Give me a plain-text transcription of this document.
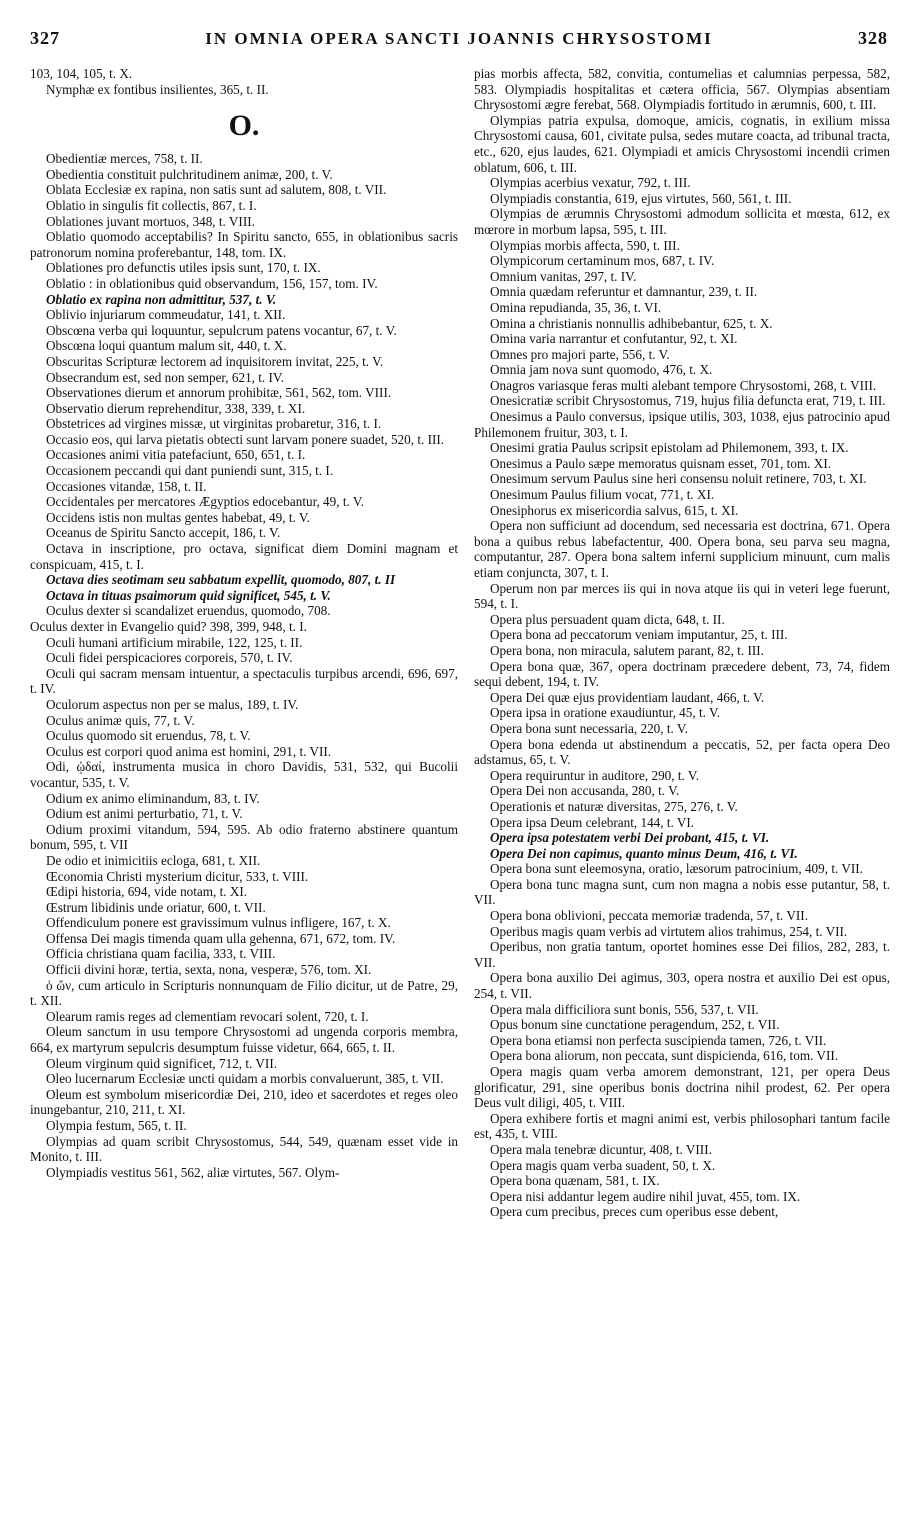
327	IN OMNIA OPERA SANCTI JOANNIS CHRYSOSTOMI	328

103, 104, 105, t. X.

Nymphæ ex fontibus insilientes, 365, t. II.

O.

Obedientiæ merces, 758, t. II.

Obedientia constituit pulchritudinem animæ, 200, t. V.

Oblata Ecclesiæ ex rapina, non satis sunt ad salutem, 808, t. VII.

Oblatio in singulis fit collectis, 867, t. I.

Oblationes juvant mortuos, 348, t. VIII.

Oblatio quomodo acceptabilis? In Spiritu sancto, 655, in oblationibus sacris patronorum nomina proferebantur, 148, tom. IX.

Oblationes pro defunctis utiles ipsis sunt, 170, t. IX.

Oblatio : in oblationibus quid observandum, 156, 157, tom. IV.

Oblatio ex rapina non admittitur, 537, t. V.

Oblivio injuriarum commeudatur, 141, t. XII.

Obscœna verba qui loquuntur, sepulcrum patens vocantur, 67, t. V.

Obscœna loqui quantum malum sit, 440, t. X.

Obscuritas Scripturæ lectorem ad inquisitorem invitat, 225, t. V.

Obsecrandum est, sed non semper, 621, t. IV.

Observationes dierum et annorum prohibitæ, 561, 562, tom. VIII.

Observatio dierum reprehenditur, 338, 339, t. XI.

Obstetrices ad virgines missæ, ut virginitas probaretur, 316, t. I.

Occasio eos, qui larva pietatis obtecti sunt larvam ponere suadet, 520, t. III.

Occasiones animi vitia patefaciunt, 650, 651, t. I.

Occasionem peccandi qui dant puniendi sunt, 315, t. I.

Occasiones vitandæ, 158, t. II.

Occidentales per mercatores Ægyptios edocebantur, 49, t. V.

Occidens istis non multas gentes habebat, 49, t. V.

Oceanus de Spiritu Sancto accepit, 186, t. V.

Octava in inscriptione, pro octava, significat diem Domini magnam et conspicuam, 415, t. I.

Octava dies seotimam seu sabbatum expellit, quomodo, 807, t. II

Octava in tituas psaimorum quid significet, 545, t. V.

Oculus dexter si scandalizet eruendus, quomodo, 708.

Oculus dexter in Evangelio quid? 398, 399, 948, t. I.

Oculi humani artificium mirabile, 122, 125, t. II.

Oculi fidei perspicaciores corporeis, 570, t. IV.

Oculi qui sacram mensam intuentur, a spectaculis turpibus arcendi, 696, 697, t. IV.

Oculorum aspectus non per se malus, 189, t. IV.

Oculus animæ quis, 77, t. V.

Oculus quomodo sit eruendus, 78, t. V.

Oculus est corpori quod anima est homini, 291, t. VII.

Odi, ᾠδαί, instrumenta musica in choro Davidis, 531, 532, qui Bucolii vocantur, 535, t. V.

Odium ex animo eliminandum, 83, t. IV.

Odium est animi perturbatio, 71, t. V.

Odium proximi vitandum, 594, 595. Ab odio fraterno abstinere quantum bonum, 595, t. VII

De odio et inimicitiis ecloga, 681, t. XII.

Œconomia Christi mysterium dicitur, 533, t. VIII.

Œdipi historia, 694, vide notam, t. XI.

Œstrum libidinis unde oriatur, 600, t. VII.

Offendiculum ponere est gravissimum vulnus infligere, 167, t. X.

Offensa Dei magis timenda quam ulla gehenna, 671, 672, tom. IV.

Officia christiana quam facilia, 333, t. VIII.

Officii divini horæ, tertia, sexta, nona, vesperæ, 576, tom. XI.

ὁ ὤν, cum articulo in Scripturis nonnunquam de Filio dicitur, ut de Patre, 29, t. XII.

Olearum ramis reges ad clementiam revocari solent, 720, t. I.

Oleum sanctum in usu tempore Chrysostomi ad ungenda corporis membra, 664, ex martyrum sepulcris desumptum fuisse videtur, 664, 665, t. II.

Oleum virginum quid significet, 712, t. VII.

Oleo lucernarum Ecclesiæ uncti quidam a morbis convaluerunt, 385, t. VII.

Oleum est symbolum misericordiæ Dei, 210, ideo et sacerdotes et reges oleo inungebantur, 210, 211, t. XI.

Olympia festum, 565, t. II.

Olympias ad quam scribit Chrysostomus, 544, 549, quænam esset vide in Monito, t. III.

Olympiadis vestitus 561, 562, aliæ virtutes, 567. Olym-

pias morbis affecta, 582, convitia, contumelias et calumnias perpessa, 582, 583. Olympiadis hospitalitas et cætera officia, 567. Olympias absentiam Chrysostomi ægre ferebat, 568. Olympiadis fortitudo in ærumnis, 600, t. III.

Olympias patria expulsa, domoque, amicis, cognatis, in exilium missa Chrysostomi causa, 601, civitate pulsa, sedes mutare coacta, ad tribunal tracta, etc., 620, ejus laudes, 621. Olympiadi et amicis Chrysostomi incendii crimen oblatum, 606, t. III.

Olympias acerbius vexatur, 792, t. III.

Olympiadis constantia, 619, ejus virtutes, 560, 561, t. III.

Olympias de ærumnis Chrysostomi admodum sollicita et mœsta, 612, ex mœrore in morbum lapsa, 595, t. III.

Olympias morbis affecta, 590, t. III.

Olympicorum certaminum mos, 687, t. IV.

Omnium vanitas, 297, t. IV.

Omnia quædam referuntur et damnantur, 239, t. II.

Omina repudianda, 35, 36, t. VI.

Omina a christianis nonnullis adhibebantur, 625, t. X.

Omina varia narrantur et confutantur, 92, t. XI.

Omnes pro majori parte, 556, t. V.

Omnia jam nova sunt quomodo, 476, t. X.

Onagros variasque feras multi alebant tempore Chrysostomi, 268, t. VIII.

Onesicratiæ scribit Chrysostomus, 719, hujus filia defuncta erat, 719, t. III.

Onesimus a Paulo conversus, ipsique utilis, 303, 1038, ejus patrocinio apud Philemonem fruitur, 303, t. I.

Onesimi gratia Paulus scripsit epistolam ad Philemonem, 393, t. IX.

Onesimus a Paulo sæpe memoratus quisnam esset, 701, tom. XI.

Onesimum servum Paulus sine heri consensu noluit retinere, 703, t. XI.

Onesimum Paulus filium vocat, 771, t. XI.

Onesiphorus ex misericordia salvus, 615, t. XI.

Opera non sufficiunt ad docendum, sed necessaria est doctrina, 671. Opera bona a quibus rebus labefactentur, 400. Opera bona, seu parva seu magna, computantur, 287. Opera bona saltem inferni supplicium minuunt, cum malis etiam conjuncta, 307, t. I.

Operum non par merces iis qui in nova atque iis qui in veteri lege fuerunt, 594, t. I.

Opera plus persuadent quam dicta, 648, t. II.

Opera bona ad peccatorum veniam imputantur, 25, t. III.

Opera bona, non miracula, salutem parant, 82, t. III.

Opera bona quæ, 367, opera doctrinam præcedere debent, 73, 74, fidem sequi debent, 194, t. IV.

Opera Dei quæ ejus providentiam laudant, 466, t. V.

Opera ipsa in oratione exaudiuntur, 45, t. V.

Opera bona sunt necessaria, 220, t. V.

Opera bona edenda ut abstinendum a peccatis, 52, per facta opera Deo adstamus, 65, t. V.

Opera requiruntur in auditore, 290, t. V.

Opera Dei non accusanda, 280, t. V.

Operationis et naturæ diversitas, 275, 276, t. V.

Opera ipsa Deum celebrant, 144, t. VI.

Opera ipsa potestatem verbi Dei probant, 415, t. VI.

Opera Dei non capimus, quanto minus Deum, 416, t. VI.

Opera bona sunt eleemosyna, oratio, læsorum patrocinium, 409, t. VII.

Opera bona tunc magna sunt, cum non magna a nobis esse putantur, 58, t. VII.

Opera bona oblivioni, peccata memoriæ tradenda, 57, t. VII.

Operibus magis quam verbis ad virtutem alios trahimus, 254, t. VII.

Operibus, non gratia tantum, oportet homines esse Dei filios, 282, 283, t. VII.

Opera bona auxilio Dei agimus, 303, opera nostra et auxilio Dei est opus, 254, t. VII.

Opera mala difficiliora sunt bonis, 556, 537, t. VII.

Opus bonum sine cunctatione peragendum, 252, t. VII.

Opera bona etiamsi non perfecta suscipienda tamen, 726, t. VII.

Opera bona aliorum, non peccata, sunt dispicienda, 616, tom. VII.

Opera magis quam verba amorem demonstrant, 121, per opera Deus glorificatur, 291, sine operibus bonis doctrina nihil prodest, 62. Per opera Deus vult diligi, 405, t. VIII.

Opera exhibere fortis et magni animi est, verbis philosophari tantum facile est, 435, t. VIII.

Opera mala tenebræ dicuntur, 408, t. VIII.

Opera magis quam verba suadent, 50, t. X.

Opera bona quænam, 581, t. IX.

Opera nisi addantur legem audire nihil juvat, 455, tom. IX.

Opera cum precibus, preces cum operibus esse debent,
